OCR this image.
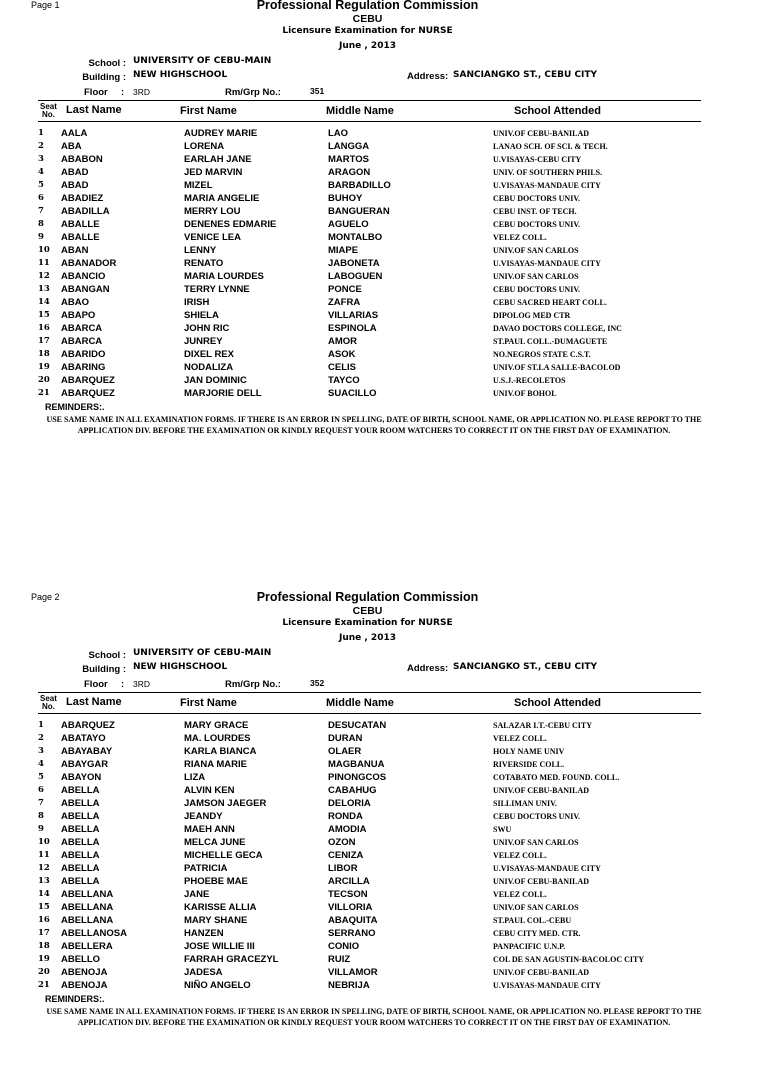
Page 1	Professional Regulation Commission
CEBU
Licensure Examination for NURSE
June , 2013
School : UNIVERSITY OF CEBU-MAIN
Building : NEW HIGHSCHOOL	Address: SANCIANGKO ST., CEBU CITY
Floor : 3RD	Rm/Grp No.:	351
Seat
No. Last Name	First Name	Middle Name	School Attended
1 AALA	AUDREY MARIE	LAO	UNIV.OF CEBU-BANILAD
2 ABA	LORENA	LANGGA	LANAO SCH. OF SCI. & TECH.
3 ABABON	EARLAH JANE	MARTOS	U.VISAYAS-CEBU CITY
4 ABAD	JED MARVIN	ARAGON	UNIV. OF SOUTHERN PHILS.
5 ABAD	MIZEL	BARBADILLO	U.VISAYAS-MANDAUE CITY
6 ABADIEZ	MARIA ANGELIE	BUHOY	CEBU DOCTORS UNIV.
7 ABADILLA	MERRY LOU	BANGUERAN	CEBU INST. OF TECH.
8 ABALLE	DENENES EDMARIE	AGUELO	CEBU DOCTORS UNIV.
9 ABALLE	VENICE LEA	MONTALBO	VELEZ COLL.
10 ABAN	LENNY	MIAPE	UNIV.OF SAN CARLOS
11 ABANADOR	RENATO	JABONETA	U.VISAYAS-MANDAUE CITY
12 ABANCIO	MARIA LOURDES	LABOGUEN	UNIV.OF SAN CARLOS
13 ABANGAN	TERRY LYNNE	PONCE	CEBU DOCTORS UNIV.
14 ABAO	IRISH	ZAFRA	CEBU SACRED HEART COLL.
15 ABAPO	SHIELA	VILLARIAS	DIPOLOG MED CTR
16 ABARCA	JOHN RIC	ESPINOLA	DAVAO DOCTORS COLLEGE, INC
17 ABARCA	JUNREY	AMOR	ST.PAUL COLL.-DUMAGUETE
18 ABARIDO	DIXEL REX	ASOK	NO.NEGROS STATE C.S.T.
19 ABARING	NODALIZA	CELIS	UNIV.OF ST.LA SALLE-BACOLOD
20 ABARQUEZ	JAN DOMINIC	TAYCO	U.S.J.-RECOLETOS
21 ABARQUEZ	MARJORIE DELL	SUACILLO	UNIV.OF BOHOL
REMINDERS:.
USE SAME NAME IN ALL EXAMINATION FORMS. IF THERE IS AN ERROR IN SPELLING, DATE OF BIRTH, SCHOOL NAME, OR APPLICATION NO. PLEASE REPORT TO THE APPLICATION DIV. BEFORE THE EXAMINATION OR KINDLY REQUEST YOUR ROOM WATCHERS TO CORRECT IT ON THE FIRST DAY OF EXAMINATION.
Page 2	Professional Regulation Commission
CEBU
Licensure Examination for NURSE
June , 2013
School : UNIVERSITY OF CEBU-MAIN
Building : NEW HIGHSCHOOL	Address: SANCIANGKO ST., CEBU CITY
Floor : 3RD	Rm/Grp No.:	352
Seat
No. Last Name	First Name	Middle Name	School Attended
1 ABARQUEZ	MARY GRACE	DESUCATAN	SALAZAR I.T.-CEBU CITY
2 ABATAYO	MA. LOURDES	DURAN	VELEZ COLL.
3 ABAYABAY	KARLA BIANCA	OLAER	HOLY NAME UNIV
4 ABAYGAR	RIANA MARIE	MAGBANUA	RIVERSIDE COLL.
5 ABAYON	LIZA	PINONGCOS	COTABATO MED. FOUND. COLL.
6 ABELLA	ALVIN KEN	CABAHUG	UNIV.OF CEBU-BANILAD
7 ABELLA	JAMSON JAEGER	DELORIA	SILLIMAN UNIV.
8 ABELLA	JEANDY	RONDA	CEBU DOCTORS UNIV.
9 ABELLA	MAEH ANN	AMODIA	SWU
10 ABELLA	MELCA JUNE	OZON	UNIV.OF SAN CARLOS
11 ABELLA	MICHELLE GECA	CENIZA	VELEZ COLL.
12 ABELLA	PATRICIA	LIBOR	U.VISAYAS-MANDAUE CITY
13 ABELLA	PHOEBE MAE	ARCILLA	UNIV.OF CEBU-BANILAD
14 ABELLANA	JANE	TECSON	VELEZ COLL.
15 ABELLANA	KARISSE ALLIA	VILLORIA	UNIV.OF SAN CARLOS
16 ABELLANA	MARY SHANE	ABAQUITA	ST.PAUL COL.-CEBU
17 ABELLANOSA	HANZEN	SERRANO	CEBU CITY MED. CTR.
18 ABELLERA	JOSE WILLIE III	CONIO	PANPACIFIC U.N.P.
19 ABELLO	FARRAH GRACEZYL	RUIZ	COL DE SAN AGUSTIN-BACOLOC CITY
20 ABENOJA	JADESA	VILLAMOR	UNIV.OF CEBU-BANILAD
21 ABENOJA	NIÑO ANGELO	NEBRIJA	U.VISAYAS-MANDAUE CITY
REMINDERS:.
USE SAME NAME IN ALL EXAMINATION FORMS. IF THERE IS AN ERROR IN SPELLING, DATE OF BIRTH, SCHOOL NAME, OR APPLICATION NO. PLEASE REPORT TO THE APPLICATION DIV. BEFORE THE EXAMINATION OR KINDLY REQUEST YOUR ROOM WATCHERS TO CORRECT IT ON THE FIRST DAY OF EXAMINATION.
